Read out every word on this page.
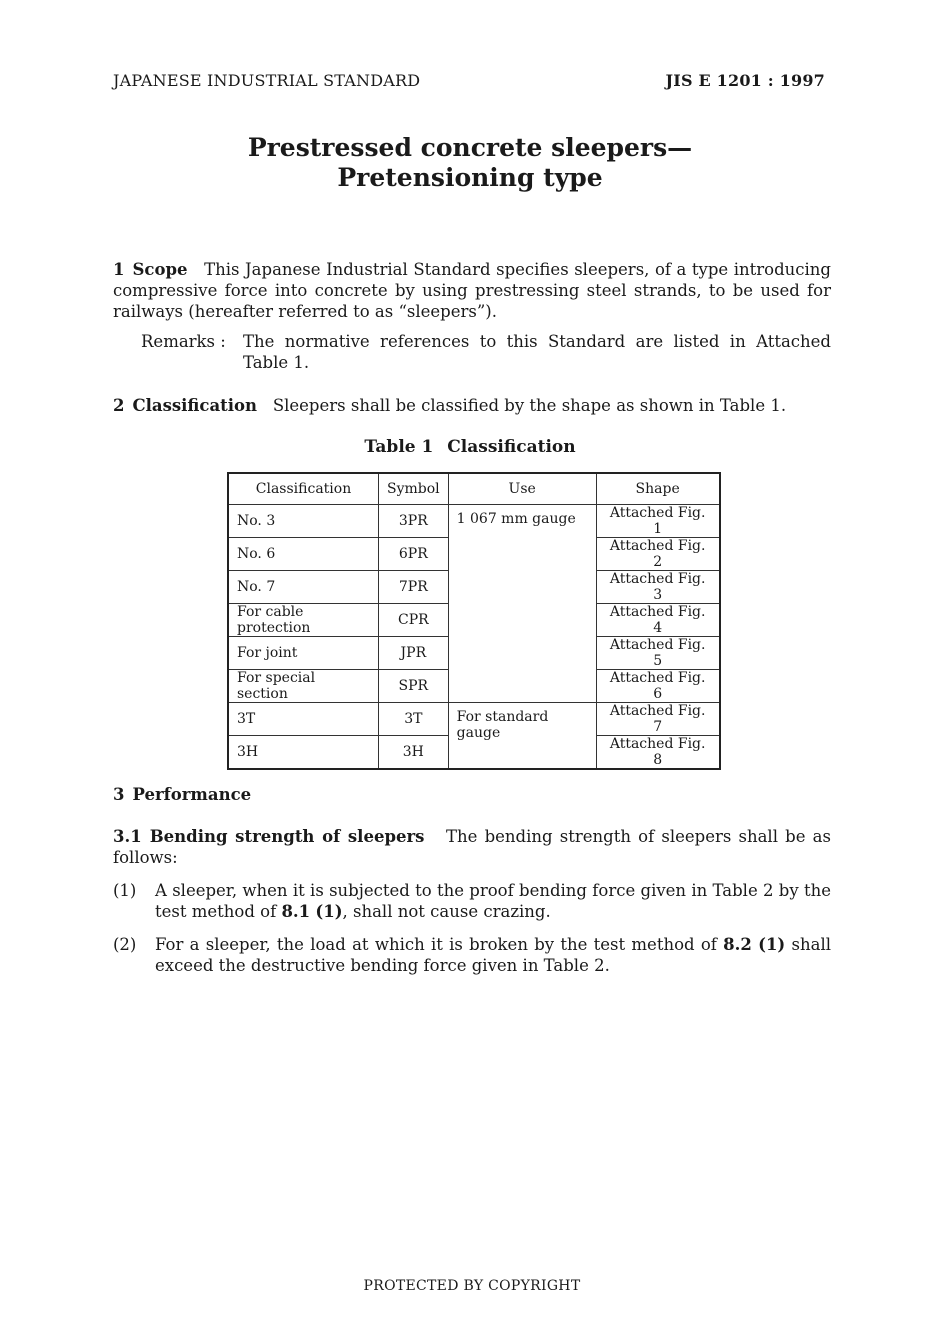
JAPANESE INDUSTRIAL STANDARD	JIS E 1201 : 1997
Prestressed concrete sleepers—
Pretensioning type
1 Scope This Japanese Industrial Standard specifies sleepers, of a type introducing compressive force into concrete by using prestressing steel strands, to be used for railways (hereafter referred to as “sleepers”).
Remarks :	The normative references to this Standard are listed in Attached Table 1.
2 Classification Sleepers shall be classified by the shape as shown in Table 1.
Table 1 Classification
Classification	Symbol	Use	Shape
No. 3	3PR	1 067 mm gauge	Attached Fig. 1
No. 6	6PR		Attached Fig. 2
No. 7	7PR		Attached Fig. 3
For cable protection	CPR		Attached Fig. 4
For joint	JPR		Attached Fig. 5
For special section	SPR		Attached Fig. 6
3T	3T	For standard gauge	Attached Fig. 7
3H	3H		Attached Fig. 8
3 Performance
3.1 Bending strength of sleepers The bending strength of sleepers shall be as follows:
(1)	A sleeper, when it is subjected to the proof bending force given in Table 2 by the test method of 8.1 (1), shall not cause crazing.
(2)	For a sleeper, the load at which it is broken by the test method of 8.2 (1) shall exceed the destructive bending force given in Table 2.
PROTECTED BY COPYRIGHT
